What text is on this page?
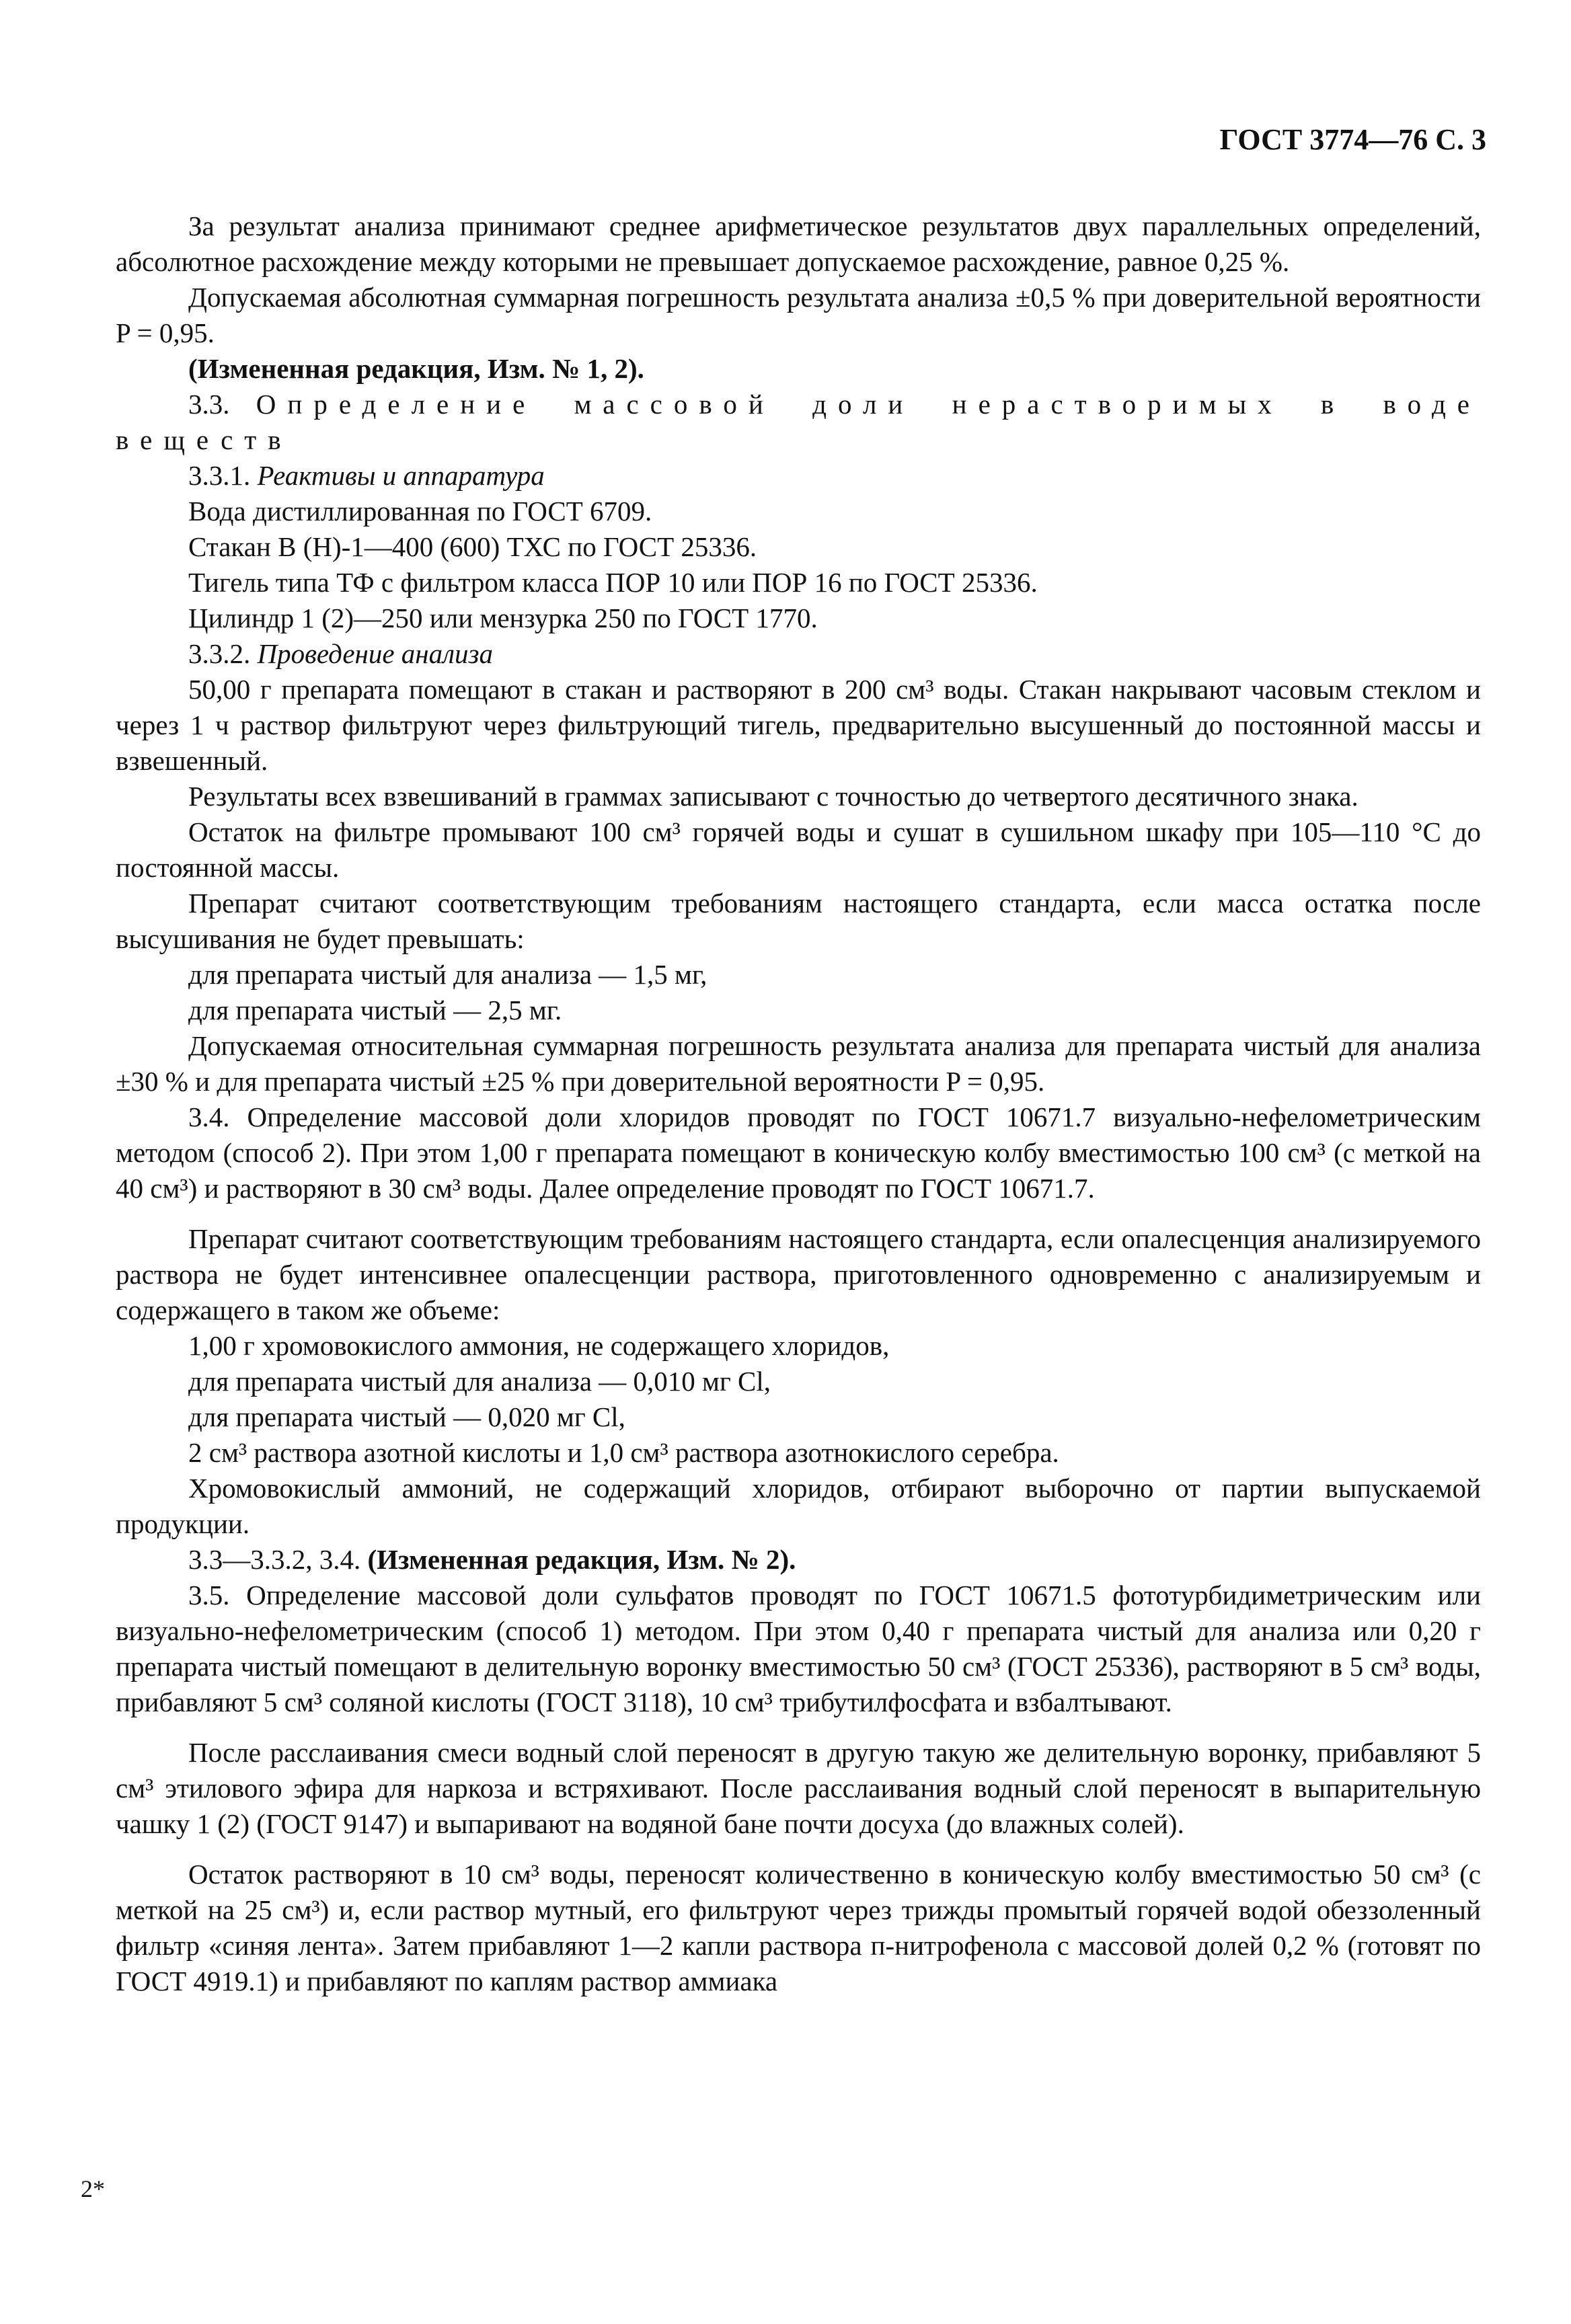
ГОСТ 3774—76 С. 3

За результат анализа принимают среднее арифметическое результатов двух параллельных определений, абсолютное расхождение между которыми не превышает допускаемое расхождение, равное 0,25 %.

Допускаемая абсолютная суммарная погрешность результата анализа ±0,5 % при доверительной вероятности P = 0,95.

(Измененная редакция, Изм. № 1, 2).

3.3. Определение массовой доли нерастворимых в воде веществ

3.3.1. Реактивы и аппаратура

Вода дистиллированная по ГОСТ 6709.

Стакан В (Н)-1—400 (600) ТХС по ГОСТ 25336.

Тигель типа ТФ с фильтром класса ПОР 10 или ПОР 16 по ГОСТ 25336.

Цилиндр 1 (2)—250 или мензурка 250 по ГОСТ 1770.

3.3.2. Проведение анализа

50,00 г препарата помещают в стакан и растворяют в 200 см³ воды. Стакан накрывают часовым стеклом и через 1 ч раствор фильтруют через фильтрующий тигель, предварительно высушенный до постоянной массы и взвешенный.

Результаты всех взвешиваний в граммах записывают с точностью до четвертого десятичного знака.

Остаток на фильтре промывают 100 см³ горячей воды и сушат в сушильном шкафу при 105—110 °С до постоянной массы.

Препарат считают соответствующим требованиям настоящего стандарта, если масса остатка после высушивания не будет превышать:

для препарата чистый для анализа — 1,5 мг,

для препарата чистый — 2,5 мг.

Допускаемая относительная суммарная погрешность результата анализа для препарата чистый для анализа ±30 % и для препарата чистый ±25 % при доверительной вероятности P = 0,95.

3.4. Определение массовой доли хлоридов проводят по ГОСТ 10671.7 визуально-нефелометрическим методом (способ 2). При этом 1,00 г препарата помещают в коническую колбу вместимостью 100 см³ (с меткой на 40 см³) и растворяют в 30 см³ воды. Далее определение проводят по ГОСТ 10671.7.

Препарат считают соответствующим требованиям настоящего стандарта, если опалесценция анализируемого раствора не будет интенсивнее опалесценции раствора, приготовленного одновременно с анализируемым и содержащего в таком же объеме:

1,00 г хромовокислого аммония, не содержащего хлоридов,

для препарата чистый для анализа — 0,010 мг Cl,

для препарата чистый — 0,020 мг Cl,

2 см³ раствора азотной кислоты и 1,0 см³ раствора азотнокислого серебра.

Хромовокислый аммоний, не содержащий хлоридов, отбирают выборочно от партии выпускаемой продукции.

3.3—3.3.2, 3.4. (Измененная редакция, Изм. № 2).

3.5. Определение массовой доли сульфатов проводят по ГОСТ 10671.5 фототурбидиметрическим или визуально-нефелометрическим (способ 1) методом. При этом 0,40 г препарата чистый для анализа или 0,20 г препарата чистый помещают в делительную воронку вместимостью 50 см³ (ГОСТ 25336), растворяют в 5 см³ воды, прибавляют 5 см³ соляной кислоты (ГОСТ 3118), 10 см³ трибутилфосфата и взбалтывают.

После расслаивания смеси водный слой переносят в другую такую же делительную воронку, прибавляют 5 см³ этилового эфира для наркоза и встряхивают. После расслаивания водный слой переносят в выпарительную чашку 1 (2) (ГОСТ 9147) и выпаривают на водяной бане почти досуха (до влажных солей).

Остаток растворяют в 10 см³ воды, переносят количественно в коническую колбу вместимостью 50 см³ (с меткой на 25 см³) и, если раствор мутный, его фильтруют через трижды промытый горячей водой обеззоленный фильтр «синяя лента». Затем прибавляют 1—2 капли раствора п-нитрофенола с массовой долей 0,2 % (готовят по ГОСТ 4919.1) и прибавляют по каплям раствор аммиака

2*
